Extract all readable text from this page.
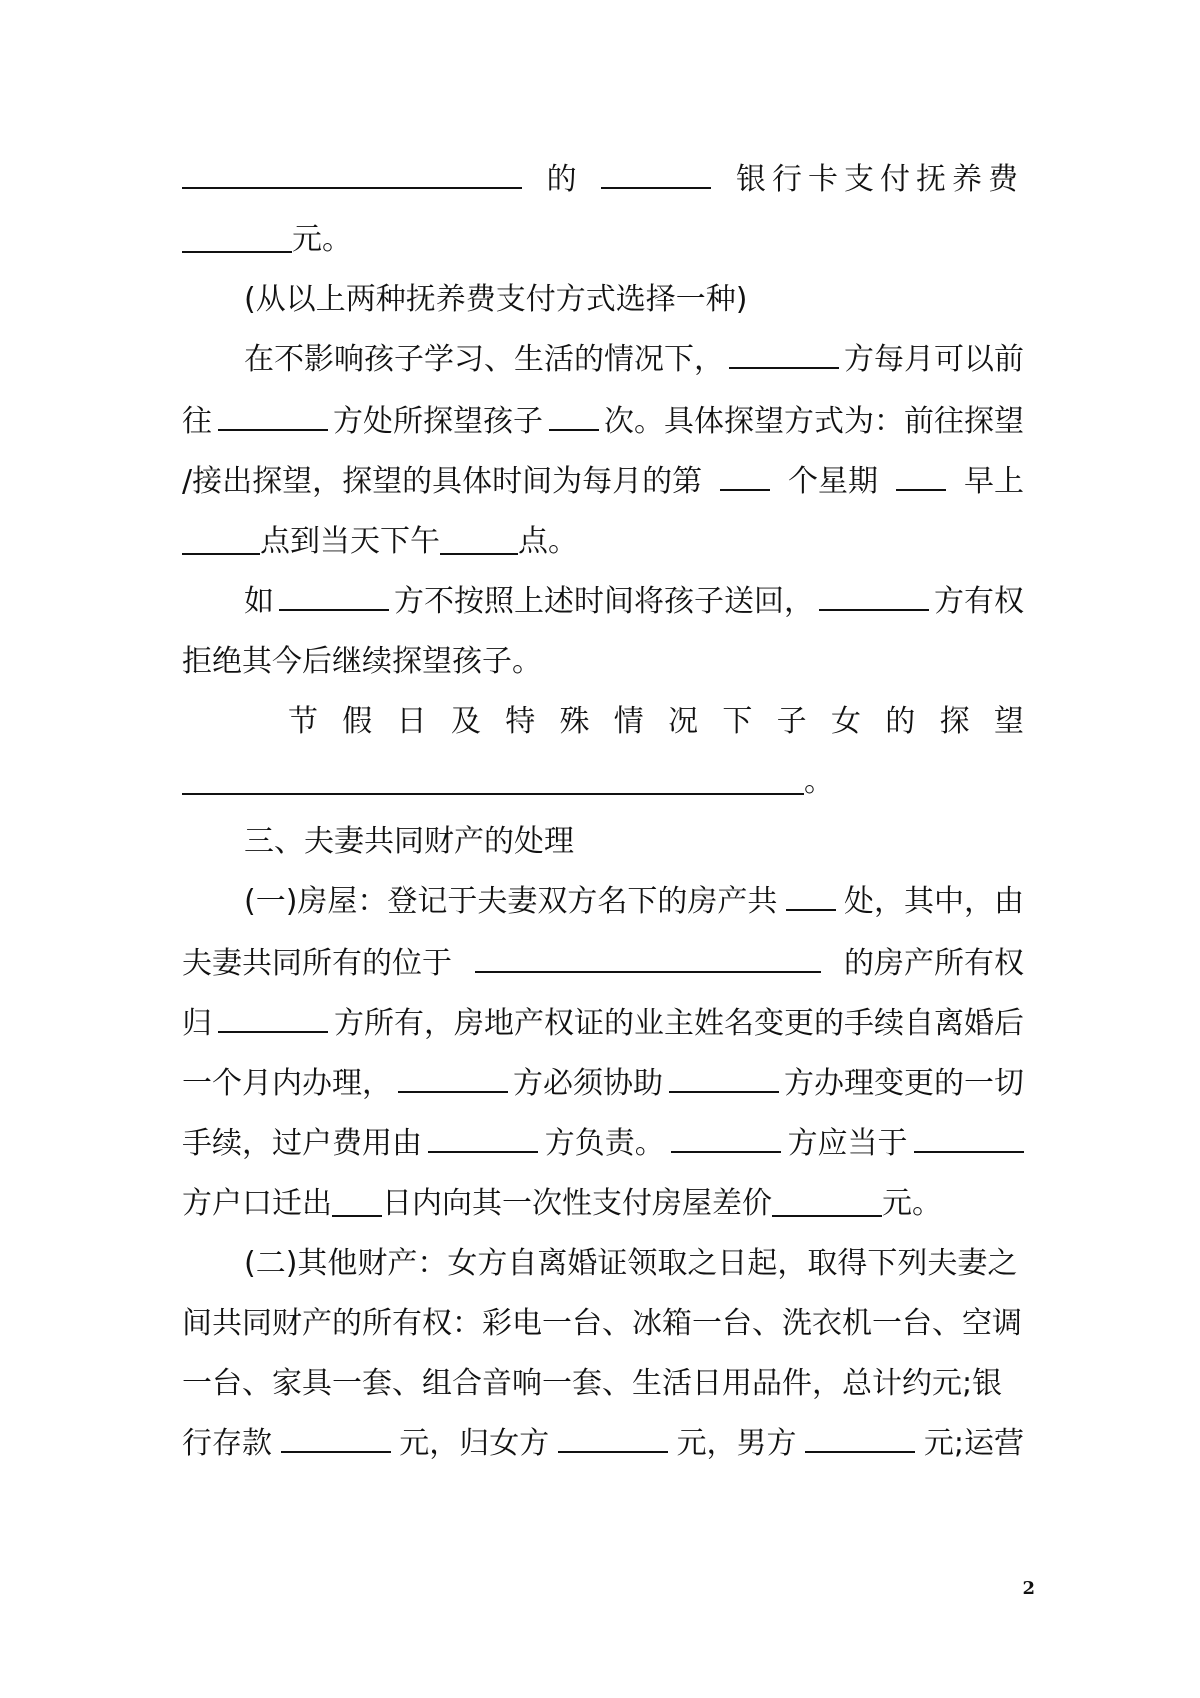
的	银行卡支付抚养费
元。
(从以上两种抚养费支付方式选择一种)
在不影响孩子学习、生活的情况下，	方每月可以前
往	方处所探望孩子 次。具体探望方式为：前往探望
/接出探望，探望的具体时间为每月的第	个星期	早上
点到当天下午	点。
如	方不按照上述时间将孩子送回，	方有权
拒绝其今后继续探望孩子。
节 假 日 及 特 殊 情 况 下 子 女 的 探 望
。
三、夫妻共同财产的处理
(一)房屋：登记于夫妻双方名下的房产共 处，其中，由
夫妻共同所有的位于	的房产所有权
归	方所有，房地产权证的业主姓名变更的手续自离婚后
一个月内办理，	方必须协助	方办理变更的一切
手续，过户费用由	方负责。	方应当于
方户口迁出 日内向其一次性支付房屋差价	元。
(二)其他财产：女方自离婚证领取之日起，取得下列夫妻之
间共同财产的所有权：彩电一台、冰箱一台、洗衣机一台、空调
一台、家具一套、组合音响一套、生活日用品件，总计约元;银
行存款	元，归女方	元，男方	元;运营
2
